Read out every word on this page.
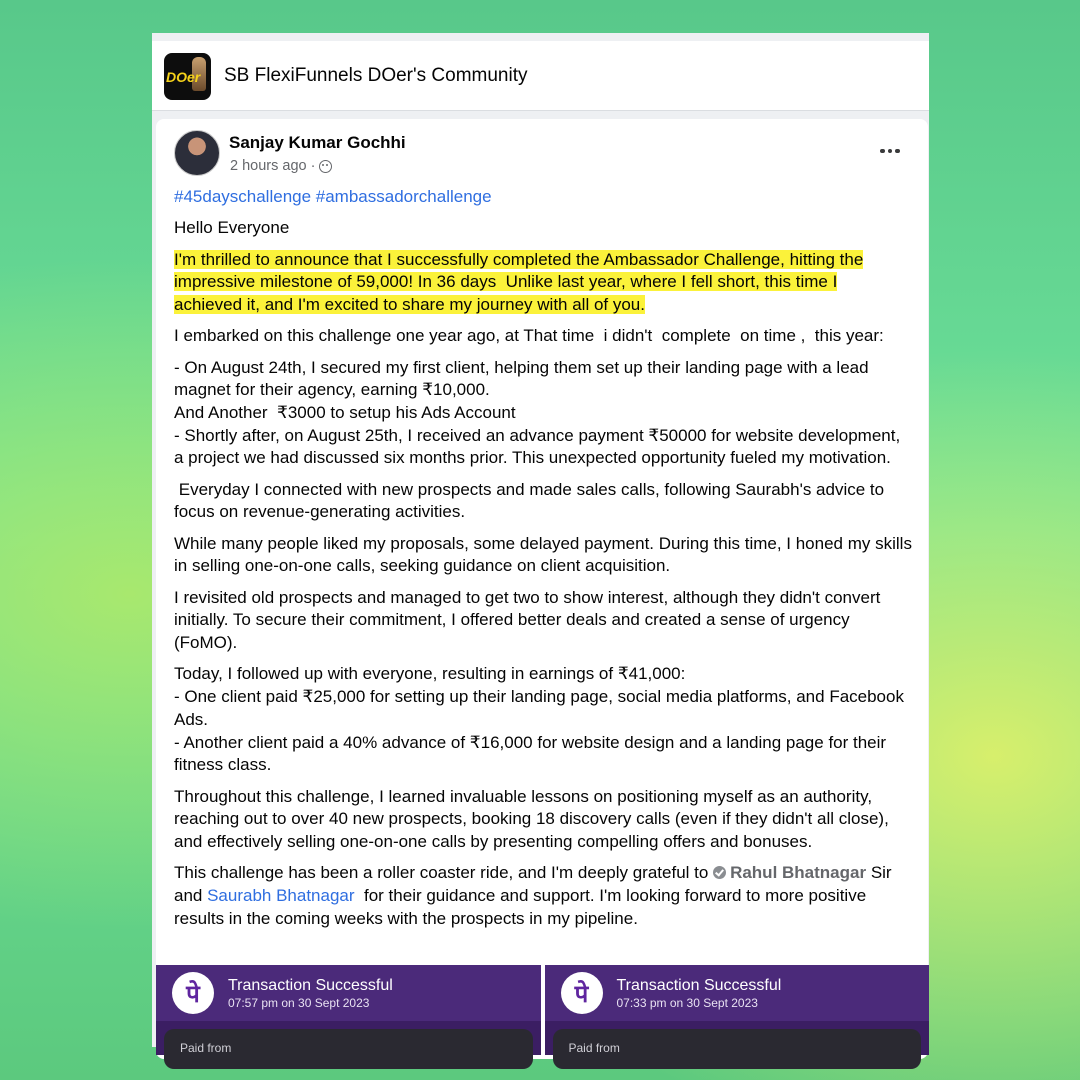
DOer SB FlexiFunnels DOer's Community
Sanjay Kumar Gochhi
2 hours ago ·

#45dayschallenge #ambassadorchallenge

Hello Everyone

I'm thrilled to announce that I successfully completed the Ambassador Challenge, hitting the
impressive milestone of 59,000! In 36 days  Unlike last year, where I fell short, this time I
achieved it, and I'm excited to share my journey with all of you.

I embarked on this challenge one year ago, at That time  i didn't  complete  on time ,  this year:

- On August 24th, I secured my first client, helping them set up their landing page with a lead magnet for their agency, earning ₹10,000.
And Another  ₹3000 to setup his Ads Account
- Shortly after, on August 25th, I received an advance payment ₹50000 for website development, a project we had discussed six months prior. This unexpected opportunity fueled my motivation.

Everyday I connected with new prospects and made sales calls, following Saurabh's advice to focus on revenue-generating activities.

While many people liked my proposals, some delayed payment. During this time, I honed my skills in selling one-on-one calls, seeking guidance on client acquisition.

I revisited old prospects and managed to get two to show interest, although they didn't convert initially. To secure their commitment, I offered better deals and created a sense of urgency (FoMO).

Today, I followed up with everyone, resulting in earnings of ₹41,000:
- One client paid ₹25,000 for setting up their landing page, social media platforms, and Facebook Ads.
- Another client paid a 40% advance of ₹16,000 for website design and a landing page for their fitness class.

Throughout this challenge, I learned invaluable lessons on positioning myself as an authority, reaching out to over 40 new prospects, booking 18 discovery calls (even if they didn't all close), and effectively selling one-on-one calls by presenting compelling offers and bonuses.

This challenge has been a roller coaster ride, and I'm deeply grateful to Rahul Bhatnagar Sir and Saurabh Bhatnagar  for their guidance and support. I'm looking forward to more positive results in the coming weeks with the prospects in my pipeline.

पे	Transaction Successful
07:57 pm on 30 Sept 2023
Paid from
पे	Transaction Successful
07:33 pm on 30 Sept 2023
Paid from
